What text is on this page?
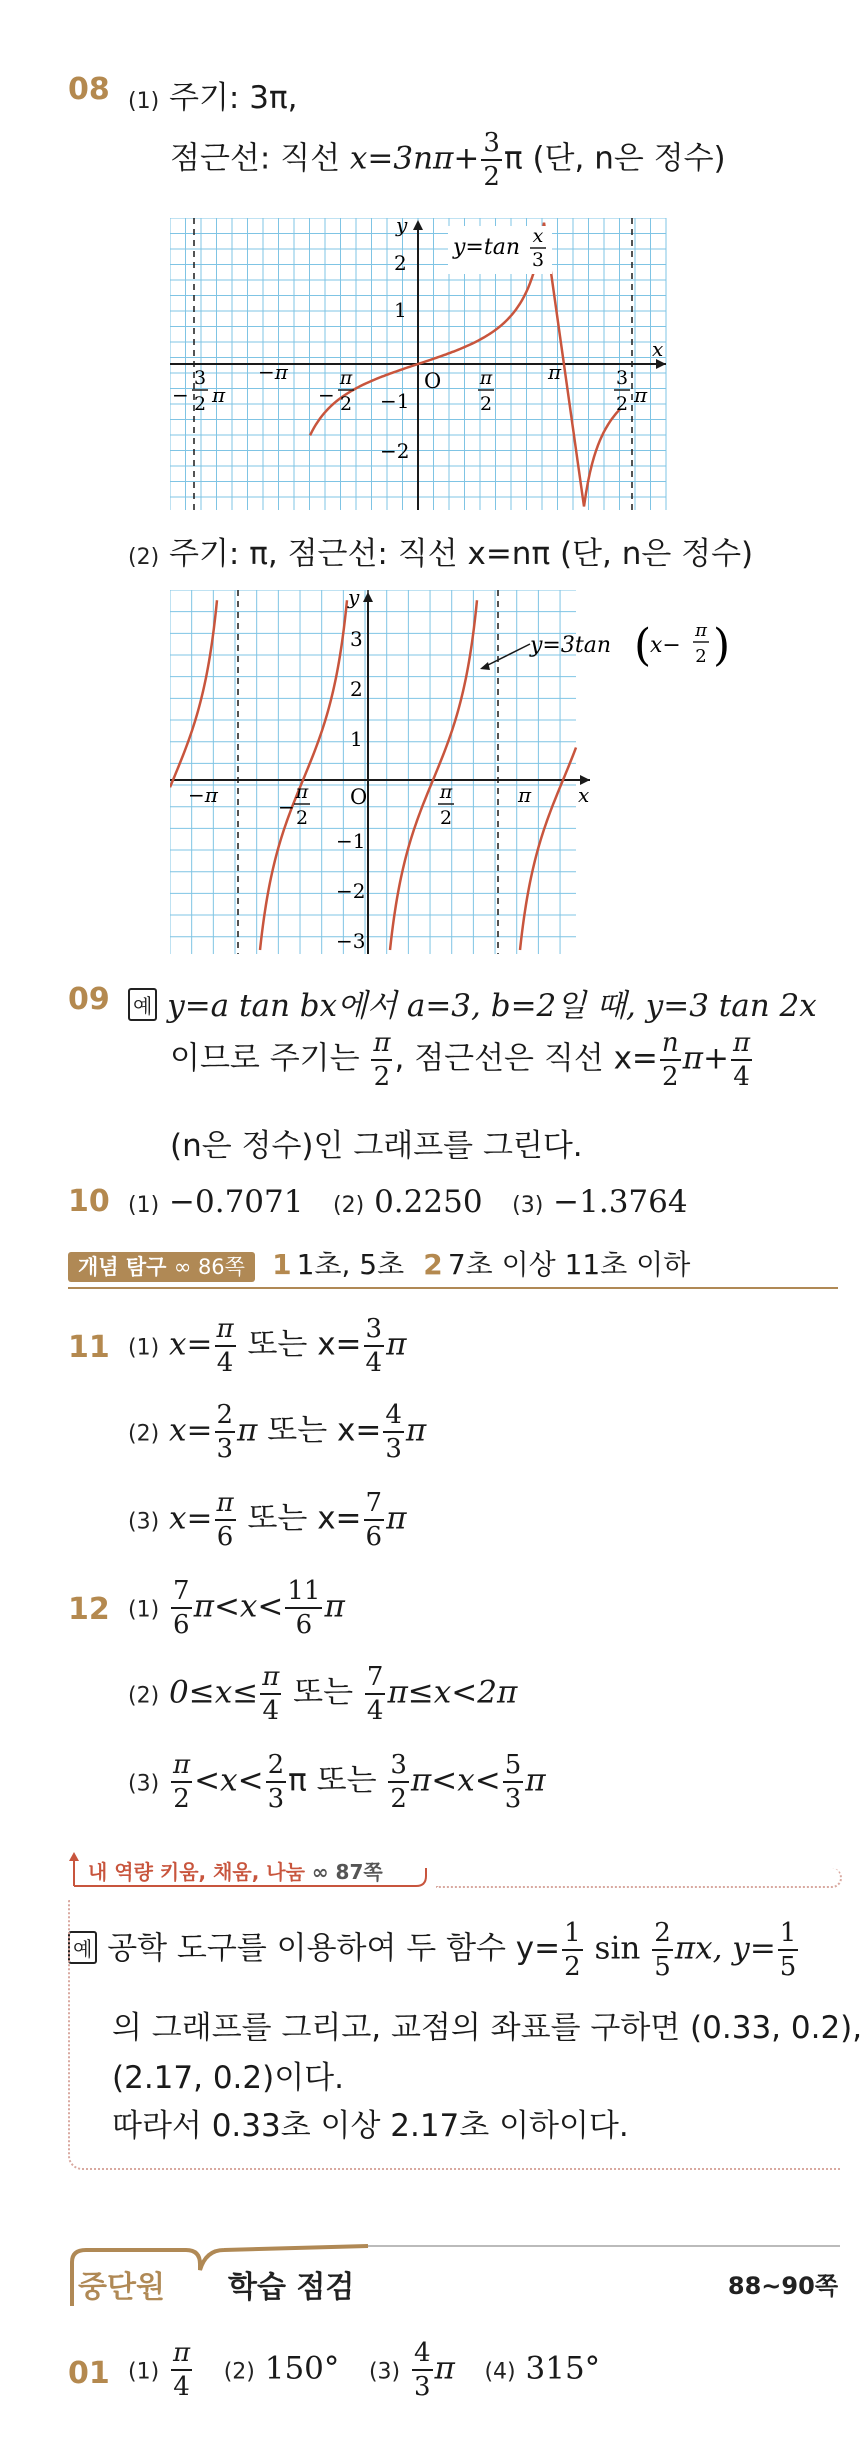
08 (1) 주기: 3π,
점근선: 직선 $x=3n\pi+ \frac{3}{2}$ π (단, n은 정수)
y=tan x
3
x
y
O
2
1
−1
−2
π
−π	π
2
−
π
2
−
3
2 π
3
2 π
(2) 주기: π, 점근선: 직선 x=nπ (단, n은 정수)
x
y
O
3
2
1
−1
−2
−3
−π	π
−
π
2
π
2
y=3tan (
x−
π
2 )
09 예 y=a tan bx에서 a=3, b=2일 때, y=3 tan 2x
이므로 주기는 $\frac{\pi}{2}$ , 점근선은 직선 $x= \frac{n}{2} \pi+ \frac{\pi}{4}$
(n은 정수)인 그래프를 그린다.
10 (1) −0.7071 (2) 0.2250 (3) −1.3764
개념 탐구 ∞ 86쪽 1 1초, 5초 2 7초 이상 11초 이하
11 (1) $x= \frac{\pi}{4}$ 또는 $x= \frac{3}{4}$ π
(2) $x= \frac{2}{3}$ π 또는 $x= \frac{4}{3}$ π
(3) $x= \frac{\pi}{6}$ 또는 $x= \frac{7}{6}$ π
12 $(1) \frac{7}{6} \pi<x< \frac{11}{6}$ π
(2) $0\le x\le \frac{\pi}{4}$ 또는 $\frac{7}{4} \pi\le x<2\pi$
$(3) \frac{\pi}{2} <x< \frac{2}{3}$ π 또는 $\frac{3}{2} \pi<x< \frac{5}{3}$ π
내 역량 키움, 채움, 나눔 ∞ 87쪽
예 공학 도구를 이용하여 두 함수 $y= \frac{1}{2}$ $\sin \frac{2}{5} \pi x$, $y= \frac{1}{5}$
의 그래프를 그리고, 교점의 좌표를 구하면 (0.33, 0.2),
(2.17, 0.2)이다.
따라서 0.33초 이상 2.17초 이하이다.
중단원 학습 점검	88~90쪽
01 $(1) \frac{\pi}{4} (2)$ 150° $(3) \frac{4}{3}$ π (4) 315°
